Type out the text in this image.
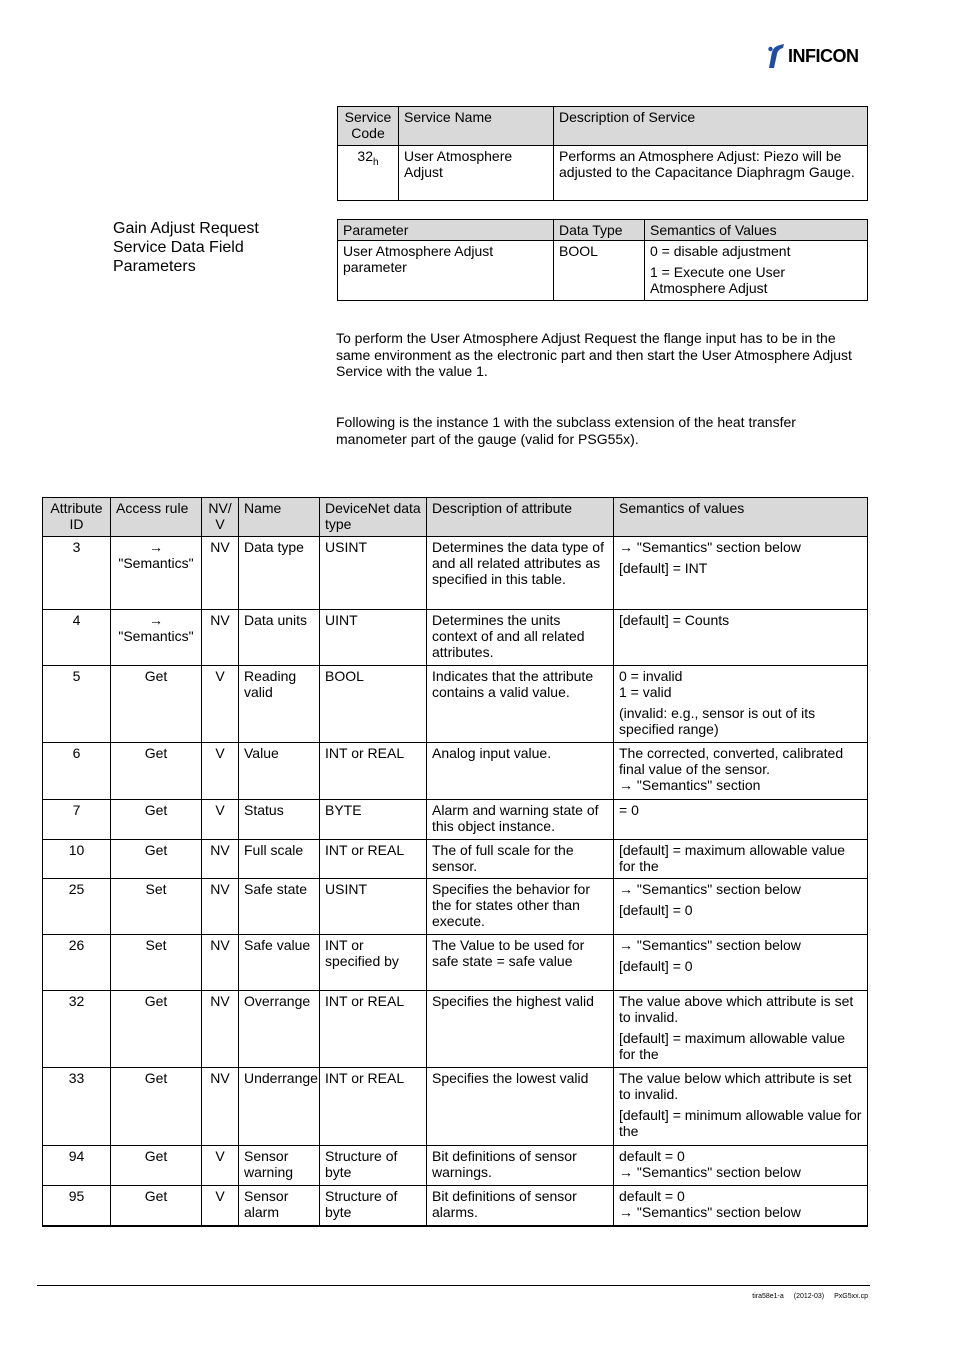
INFICON
Service Code	Service Name	Description of Service
$32_h$	User Atmosphere Adjust	Performs an Atmosphere Adjust: Piezo will be adjusted to the Capacitance Diaphragm Gauge.
Gain Adjust Request
Service Data Field
Parameters
Parameter	Data Type	Semantics of Values
User Atmosphere Adjust parameter	BOOL	0 = disable adjustment
1 = Execute one User Atmosphere Adjust
To perform the User Atmosphere Adjust Request the flange input has to be in the same environment as the electronic part and then start the User Atmosphere Adjust Service with the value 1.
Following is the instance 1 with the subclass extension of the heat transfer manometer part of the gauge (valid for PSG55x).
Attribute ID	Access rule	NV/ V	Name	DeviceNet data type	Description of attribute	Semantics of values
3	→ "Semantics"	NV	Data type	USINT	Determines the data type of and all related attributes as specified in this table.	→ "Semantics" section below
[default] = INT

4	→ "Semantics"	NV	Data units	UINT	Determines the units context of and all related attributes.	[default] = Counts

5	Get	V	Reading valid	BOOL	Indicates that the attribute contains a valid value.	0 = invalid
1 = valid
(invalid: e.g., sensor is out of its specified range)

6	Get	V	Value	INT or REAL	Analog input value.	The corrected, converted, calibrated final value of the sensor.
→ "Semantics" section

7	Get	V	Status	BYTE	Alarm and warning state of this object instance.	= 0

10	Get	NV	Full scale	INT or REAL	The of full scale for the sensor.	[default] = maximum allowable value for the

25	Set	NV	Safe state	USINT	Specifies the behavior for the for states other than execute.	→ "Semantics" section below
[default] = 0

26	Set	NV	Safe value	INT or specified by	The Value to be used for safe state = safe value	→ "Semantics" section below
[default] = 0

32	Get	NV	Overrange	INT or REAL	Specifies the highest valid	The value above which attribute is set to invalid.
[default] = maximum allowable value for the

33	Get	NV	Underrange	INT or REAL	Specifies the lowest valid	The value below which attribute is set to invalid.
[default] = minimum allowable value for the

94	Get	V	Sensor warning	Structure of byte	Bit definitions of sensor warnings.	default = 0
→ "Semantics" section below

95	Get	V	Sensor alarm	Structure of byte	Bit definitions of sensor alarms.	default = 0
→ "Semantics" section below
tira58e1-a (2012-03) PxG5xx.cp
